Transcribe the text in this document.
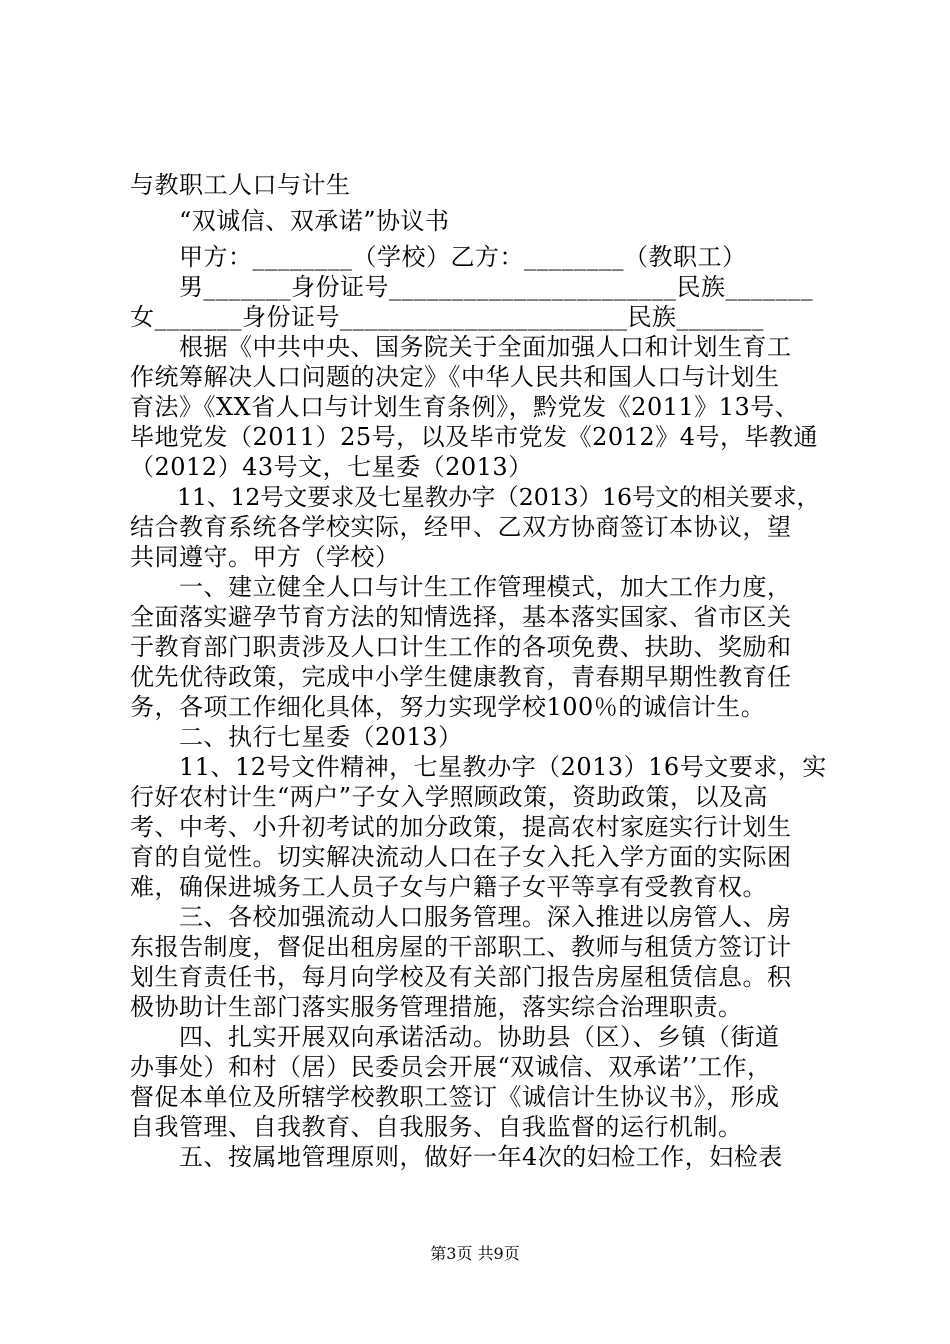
与教职工人口与计生
　　“双诚信、双承诺”协议书
　　甲方：________（学校）乙方：________（教职工）
　　男_______身份证号_______________________民族_______
女_______身份证号_______________________民族_______
　　根据《中共中央、国务院关于全面加强人口和计划生育工
作统筹解决人口问题的决定》《中华人民共和国人口与计划生
育法》《XX省人口与计划生育条例》，黔党发《2011》13号、
毕地党发（2011）25号，以及毕市党发《2012》4号，毕教通
（2012）43号文，七星委（2013）
　　11、12号文要求及七星教办字（2013）16号文的相关要求，
结合教育系统各学校实际，经甲、乙双方协商签订本协议，望
共同遵守。甲方（学校）
　　一、建立健全人口与计生工作管理模式，加大工作力度，
全面落实避孕节育方法的知情选择，基本落实国家、省市区关
于教育部门职责涉及人口计生工作的各项免费、扶助、奖励和
优先优待政策，完成中小学生健康教育，青春期早期性教育任
务，各项工作细化具体，努力实现学校100％的诚信计生。
　　二、执行七星委（2013）
　　11、12号文件精神，七星教办字（2013）16号文要求，实
行好农村计生“两户”子女入学照顾政策，资助政策，以及高
考、中考、小升初考试的加分政策，提高农村家庭实行计划生
育的自觉性。切实解决流动人口在子女入托入学方面的实际困
难，确保进城务工人员子女与户籍子女平等享有受教育权。
　　三、各校加强流动人口服务管理。深入推进以房管人、房
东报告制度，督促出租房屋的干部职工、教师与租赁方签订计
划生育责任书，每月向学校及有关部门报告房屋租赁信息。积
极协助计生部门落实服务管理措施，落实综合治理职责。
　　四、扎实开展双向承诺活动。协助县（区）、乡镇（街道
办事处）和村（居）民委员会开展“双诚信、双承诺’’工作，
督促本单位及所辖学校教职工签订《诚信计生协议书》，形成
自我管理、自我教育、自我服务、自我监督的运行机制。
　　五、按属地管理原则，做好一年4次的妇检工作，妇检表
第3页 共9页
